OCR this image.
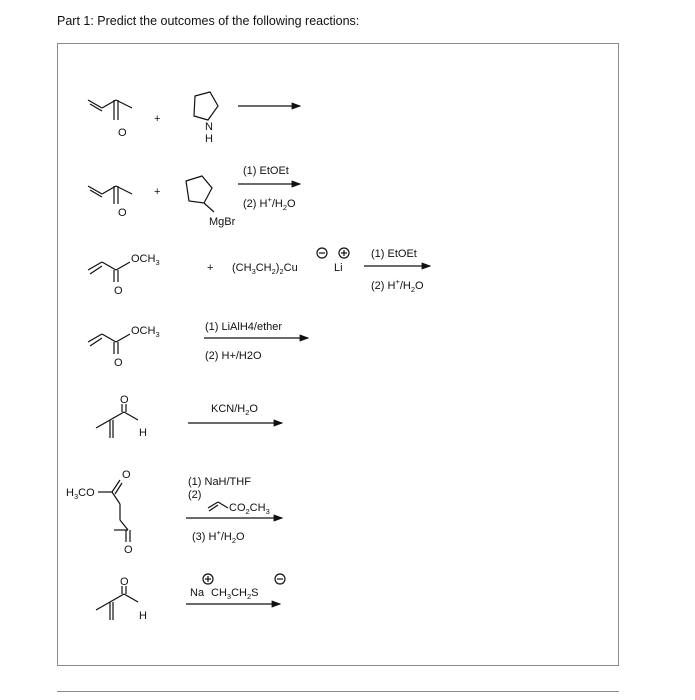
Part 1: Predict the outcomes of the following reactions:
O
+
N
H
O
+
MgBr
(1) EtOEt
(2) $H^+/H_2O$
$OCH_3$
O
+ $(CH_3CH_2)_2Cu$	Li
(1) EtOEt
(2) $H^+/H_2O$
$OCH_3$
O
(1) LiAlH4/ether
(2) H+/H2O
O
H
KCN/$H_2O$
$H_3CO$
O
O
(1) NaH/THF
(2)
$CO_2CH_3$
(3) $H^+/H_2O$
O
H
Na $CH_3CH_2S$
